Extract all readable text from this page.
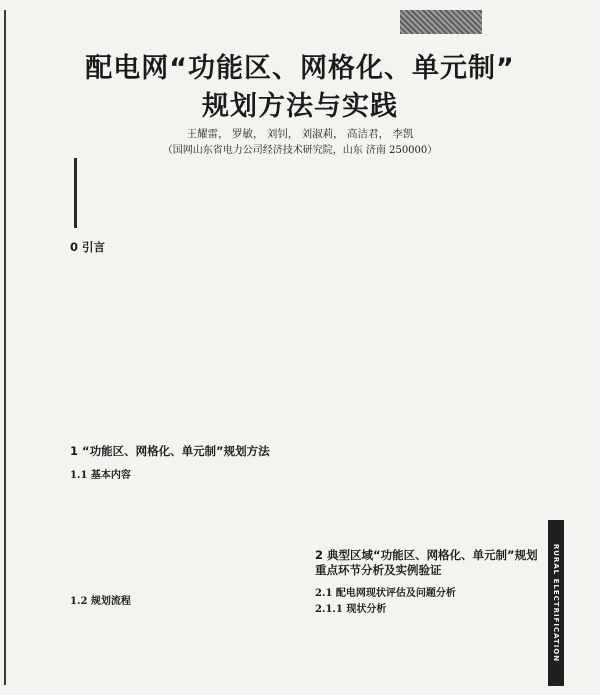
配电网“功能区、网格化、单元制”
规划方法与实践

王耀雷， 罗敏， 刘钊， 刘淑莉， 高洁君， 李凯

（国网山东省电力公司经济技术研究院，山东 济南 250000）

0 引言
1 “功能区、网格化、单元制”规划方法
1.1 基本内容
1.2 规划流程
2 典型区域“功能区、网格化、单元制”规划重点环节分析及实例验证
2.1 配电网现状评估及问题分析
2.1.1 现状分析	RURAL ELECTRIFICATION
